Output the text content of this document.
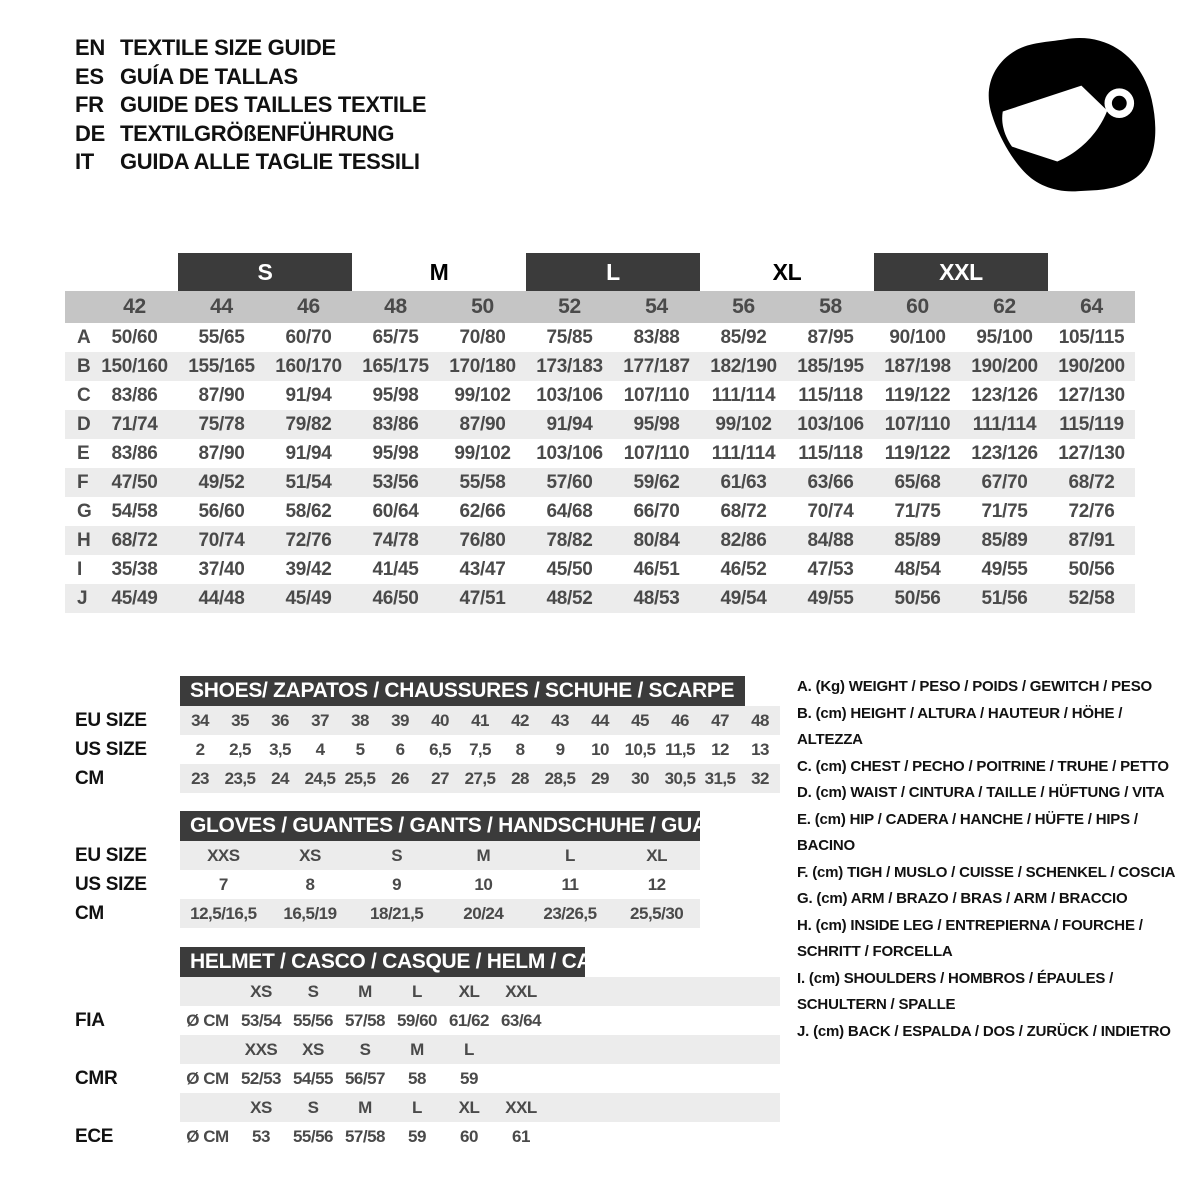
EN TEXTILE SIZE GUIDE
ES GUÍA DE TALLAS
FR GUIDE DES TAILLES TEXTILE
DE TEXTILGRÖßENFÜHRUNG
IT	GUIDA ALLE TAGLIE TESSILI
S	M	L	XL	XXL
42	44	46	48	50	52	54	56	58	60	62	64
A	50/60	55/65	60/70	65/75	70/80	75/85	83/88	85/92	87/95	90/100	95/100	105/115
B 150/160	155/165	160/170	165/175	170/180	173/183	177/187	182/190	185/195	187/198	190/200	190/200
C	83/86	87/90	91/94	95/98	99/102	103/106	107/110	111/114	115/118	119/122	123/126	127/130
D	71/74	75/78	79/82	83/86	87/90	91/94	95/98	99/102	103/106	107/110	111/114	115/119
E	83/86	87/90	91/94	95/98	99/102	103/106	107/110	111/114	115/118	119/122	123/126	127/130
F	47/50	49/52	51/54	53/56	55/58	57/60	59/62	61/63	63/66	65/68	67/70	68/72
G	54/58	56/60	58/62	60/64	62/66	64/68	66/70	68/72	70/74	71/75	71/75	72/76
H	68/72	70/74	72/76	74/78	76/80	78/82	80/84	82/86	84/88	85/89	85/89	87/91
I	35/38	37/40	39/42	41/45	43/47	45/50	46/51	46/52	47/53	48/54	49/55	50/56
J	45/49	44/48	45/49	46/50	47/51	48/52	48/53	49/54	49/55	50/56	51/56	52/58
SHOES/ ZAPATOS / CHAUSSURES / SCHUHE / SCARPE
EU SIZE	34	35	36	37	38	39	40	41	42	43	44	45	46	47	48
US SIZE	2	2,5	3,5	4	5	6	6,5	7,5	8	9	10 10,5 11,5 12	13
CM	23 23,5 24 24,5 25,5 26	27 27,5 28 28,5 29	30 30,5 31,5 32
GLOVES / GUANTES / GANTS / HANDSCHUHE / GUANTI
EU SIZE	XXS	XS	S	M	L	XL
US SIZE	7	8	9	10	11	12
CM	12,5/16,5	16,5/19	18/21,5	20/24	23/26,5	25,5/30
HELMET / CASCO / CASQUE / HELM / CASCO
XS	S	M	L	XL	XXL
FIA	Ø CM 53/54 55/56 57/58 59/60 61/62 63/64
XXS	XS	S	M	L
CMR	Ø CM 52/53 54/55 56/57	58	59
XS	S	M	L	XL	XXL
ECE	Ø CM	53	55/56 57/58	59	60	61
A. (Kg) WEIGHT / PESO / POIDS / GEWITCH / PESO
B. (cm) HEIGHT / ALTURA / HAUTEUR / HÖHE / ALTEZZA
C. (cm) CHEST / PECHO / POITRINE / TRUHE / PETTO
D. (cm) WAIST / CINTURA / TAILLE / HÜFTUNG / VITA
E. (cm) HIP / CADERA / HANCHE / HÜFTE / HIPS / BACINO
F. (cm) TIGH / MUSLO / CUISSE / SCHENKEL / COSCIA
G. (cm) ARM / BRAZO / BRAS / ARM / BRACCIO
H. (cm) INSIDE LEG / ENTREPIERNA / FOURCHE / SCHRITT / FORCELLA
I. (cm) SHOULDERS / HOMBROS / ÉPAULES / SCHULTERN / SPALLE
J. (cm) BACK / ESPALDA / DOS / ZURÜCK / INDIETRO
